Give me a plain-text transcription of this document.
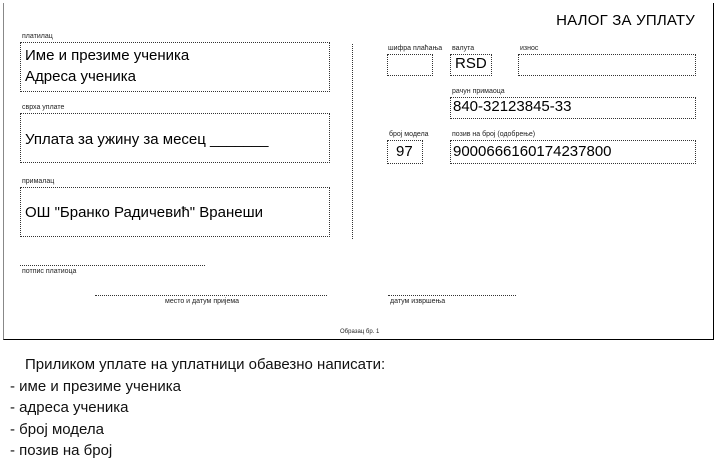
НАЛОГ ЗА УПЛАТУ
платилац
Име и презиме ученика
Адреса ученика
сврха уплате
Уплата за ужину за месец _______
прималац
ОШ "Бранко Радичевић" Вранеши
шифра плаћања валута
RSD
износ
рачун примаоца
840-32123845-33
број модела
97
позив на број (одобрење)
9000666160174237800
потпис платиоца
место и датум пријема	датум извршења
Образац бр. 1
Приликом уплате на уплатници обавезно написати:
- име и презиме ученика
- адреса ученика
- број модела
- позив на број
